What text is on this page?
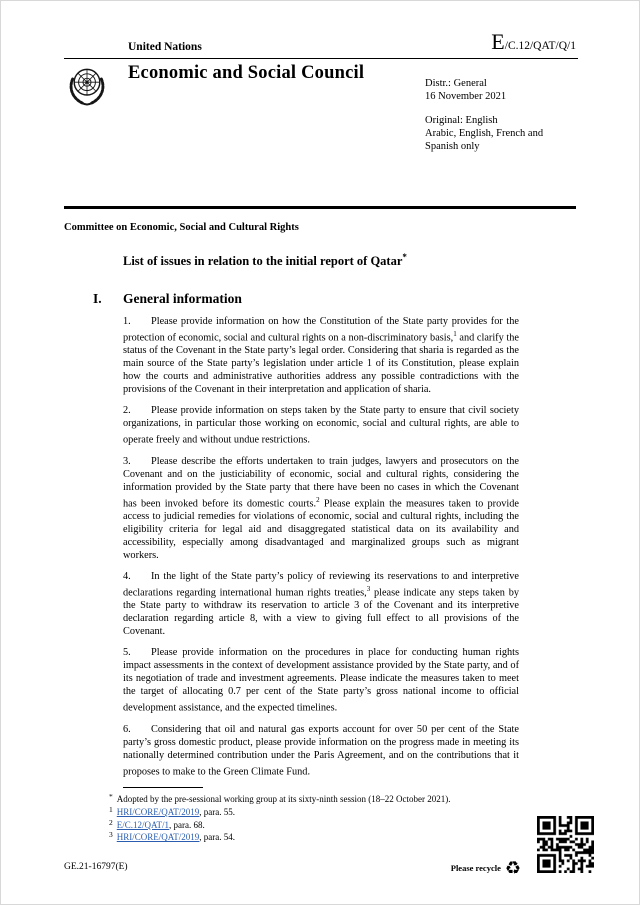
United Nations	E /C.12/QAT/Q/1
Economic and Social Council
Distr.: General
16 November 2021
Original: English
Arabic, English, French and Spanish only
Committee on Economic, Social and Cultural Rights
List of issues in relation to the initial report of Qatar*
I.	General information

1. Please provide information on how the Constitution of the State party provides for the protection of economic, social and cultural rights on a non-discriminatory basis,$^1$ and clarify the status of the Covenant in the State party’s legal order. Considering that sharia is regarded as the main source of the State party’s legislation under article 1 of its Constitution, please explain how the courts and administrative authorities address any possible contradictions with the provisions of the Covenant in their interpretation and application of sharia.

2. Please provide information on steps taken by the State party to ensure that civil society organizations, in particular those working on economic, social and cultural rights, are able to operate freely and without undue restrictions.

3. Please describe the efforts undertaken to train judges, lawyers and prosecutors on the Covenant and on the justiciability of economic, social and cultural rights, considering the information provided by the State party that there have been no cases in which the Covenant has been invoked before its domestic courts.$^2$ Please explain the measures taken to provide access to judicial remedies for violations of economic, social and cultural rights, including the eligibility criteria for legal aid and disaggregated statistical data on its availability and accessibility, especially among disadvantaged and marginalized groups such as migrant workers.

4. In the light of the State party’s policy of reviewing its reservations to and interpretive declarations regarding international human rights treaties,$^3$ please indicate any steps taken by the State party to withdraw its reservation to article 3 of the Covenant and its interpretive declaration regarding article 8, with a view to giving full effect to all provisions of the Covenant.

5. Please provide information on the procedures in place for conducting human rights impact assessments in the context of development assistance provided by the State party, and of its negotiation of trade and investment agreements. Please indicate the measures taken to meet the target of allocating 0.7 per cent of the State party’s gross national income to official development assistance, and the expected timelines.

6. Considering that oil and natural gas exports account for over 50 per cent of the State party’s gross domestic product, please provide information on the progress made in meeting its nationally determined contribution under the Paris Agreement, and on the contributions that it proposes to make to the Green Climate Fund.

* Adopted by the pre-sessional working group at its sixty-ninth session (18–22 October 2021).
$^1$ HRI/CORE/QAT/2019, para. 55.
$^2$ E/C.12/QAT/1, para. 68.
$^3$ HRI/CORE/QAT/2019, para. 54.
GE.21-16797(E)	Please recycle ♻
